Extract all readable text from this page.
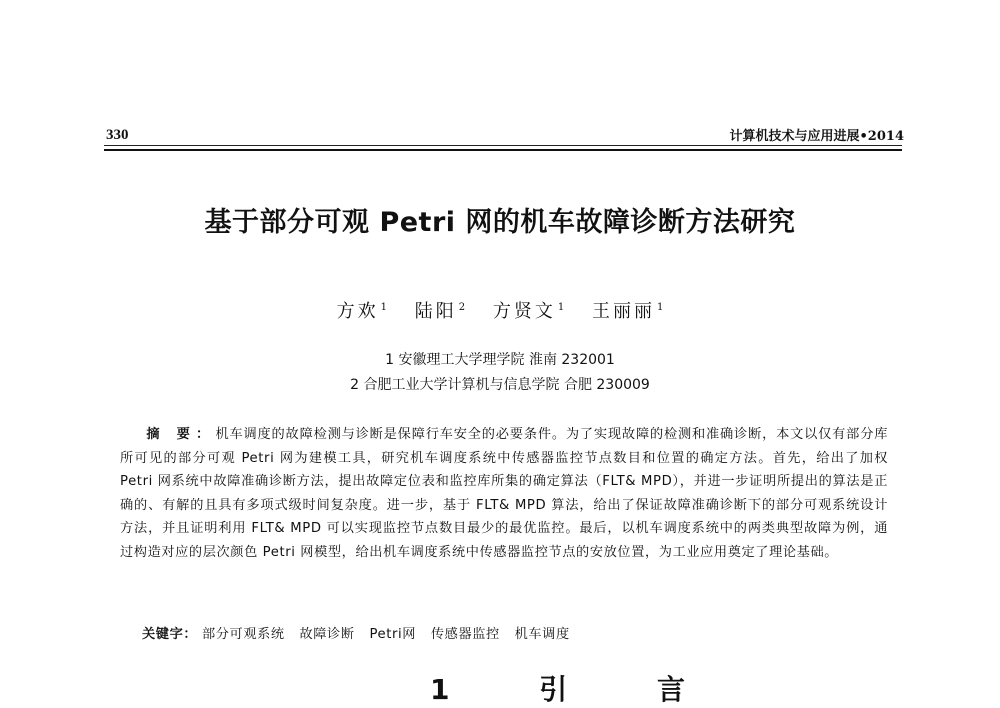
330	计算机技术与应用进展•2014
基于部分可观 Petri 网的机车故障诊断方法研究
方欢 $^1$ 陆阳 $^2$ 方贤文 $^1$ 王丽丽 $^1$
1 安徽理工大学理学院 淮南 232001
2 合肥工业大学计算机与信息学院 合肥 230009
摘 要：机车调度的故障检测与诊断是保障行车安全的必要条件。为了实现故障的检测和准确诊断，本文以仅有部分库所可见的部分可观 Petri 网为建模工具，研究机车调度系统中传感器监控节点数目和位置的确定方法。首先，给出了加权 Petri 网系统中故障准确诊断方法，提出故障定位表和监控库所集的确定算法（FLT& MPD），并进一步证明所提出的算法是正确的、有解的且具有多项式级时间复杂度。进一步，基于 FLT& MPD 算法，给出了保证故障准确诊断下的部分可观系统设计方法，并且证明利用 FLT& MPD 可以实现监控节点数目最少的最优监控。最后，以机车调度系统中的两类典型故障为例，通过构造对应的层次颜色 Petri 网模型，给出机车调度系统中传感器监控节点的安放位置，为工业应用奠定了理论基础。
关键字： 部分可观系统 故障诊断 Petri网 传感器监控 机车调度
1 引 言
